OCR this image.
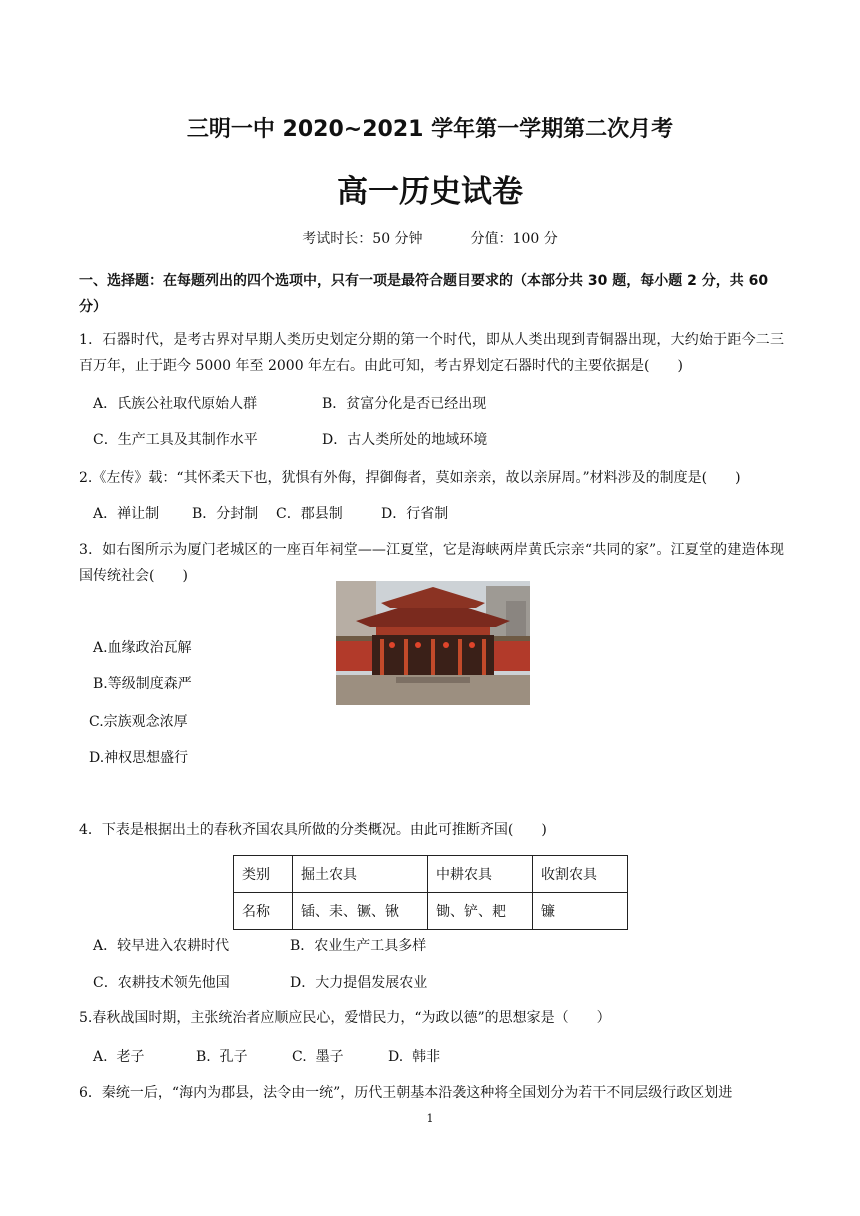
三明一中 2020~2021 学年第一学期第二次月考
高一历史试卷
考试时长：50 分钟	分值：100 分
一、选择题：在每题列出的四个选项中，只有一项是最符合题目要求的（本部分共 30 题，每小题 2 分，共 60 分）
1．石器时代，是考古界对早期人类历史划定分期的第一个时代，即从人类出现到青铜器出现，大约始于距今二三百万年，止于距今 5000 年至 2000 年左右。由此可知，考古界划定石器时代的主要依据是(　　)
A．氏族公社取代原始人群	B．贫富分化是否已经出现
C．生产工具及其制作水平	D．古人类所处的地域环境
2.《左传》载：“其怀柔天下也，犹惧有外侮，捍御侮者，莫如亲亲，故以亲屏周。”材料涉及的制度是(　　)
A．禅让制 B．分封制 C．郡县制	D．行省制
3．如右图所示为厦门老城区的一座百年祠堂——江夏堂，它是海峡两岸黄氏宗亲“共同的家”。江夏堂的建造体现国传统社会(　　)
A.血缘政治瓦解
B.等级制度森严
C.宗族观念浓厚
D.神权思想盛行
4．下表是根据出土的春秋齐国农具所做的分类概况。由此可推断齐国(　　)
类别	掘土农具	中耕农具	收割农具
名称	锸、耒、镢、锹	锄、铲、耙	镰
A．较早进入农耕时代	B．农业生产工具多样
C．农耕技术领先他国	D．大力提倡发展农业
5.春秋战国时期，主张统治者应顺应民心，爱惜民力，“为政以德”的思想家是（　　）
A.  老子	B.  孔子	C.  墨子	D.  韩非
6．秦统一后，“海内为郡县，法令由一统”，历代王朝基本沿袭这种将全国划分为若干不同层级行政区划进
1
